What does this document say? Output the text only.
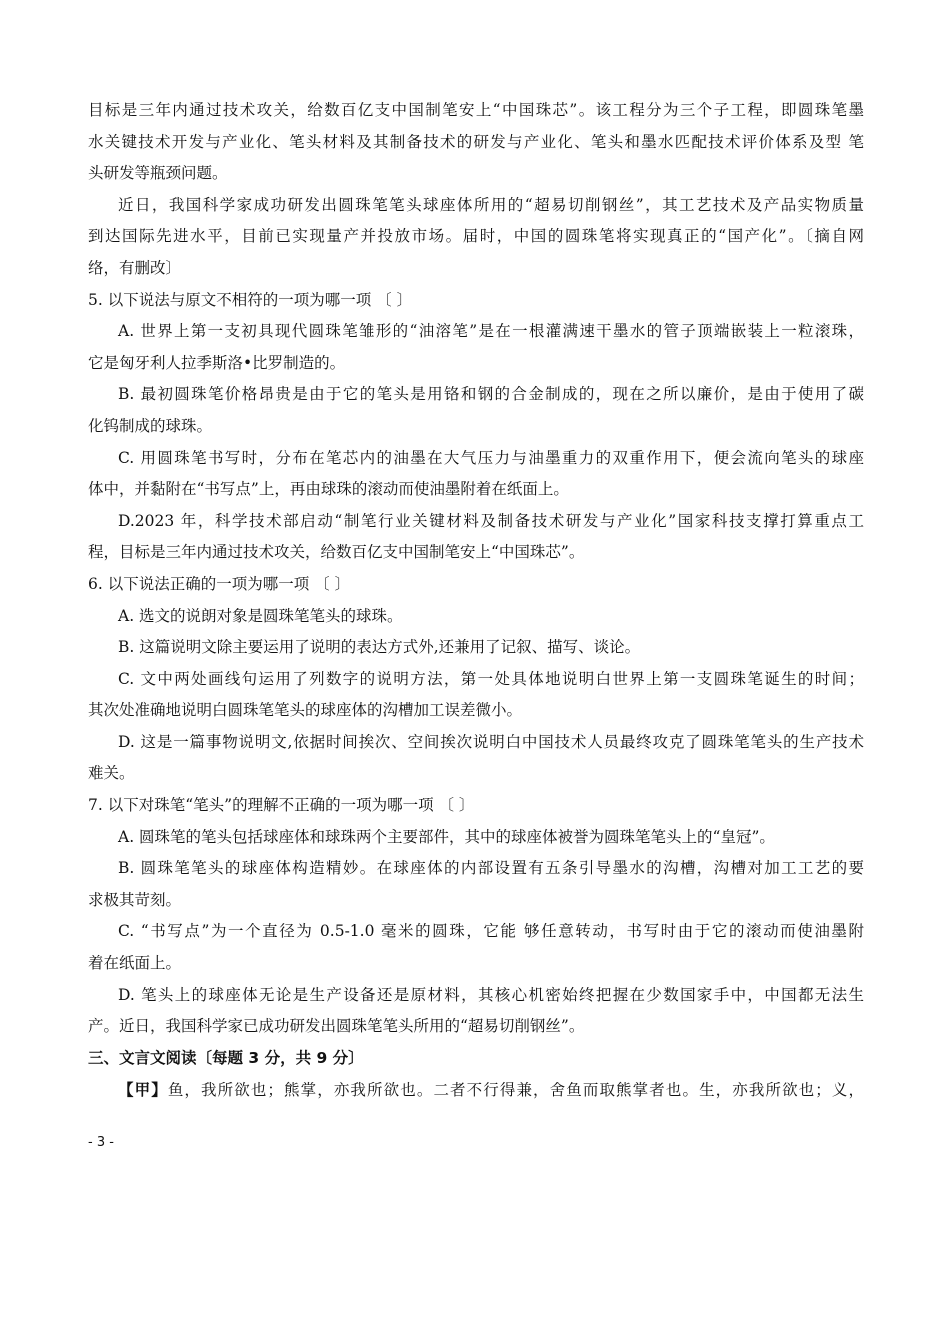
目标是三年内通过技术攻关，给数百亿支中国制笔安上“中国珠芯”。该工程分为三个子工程，即圆珠笔墨
水关键技术开发与产业化、笔头材料及其制备技术的研发与产业化、笔头和墨水匹配技术评价体系及型 笔
头研发等瓶颈问题。
近日，我国科学家成功研发出圆珠笔笔头球座体所用的“超易切削钢丝”，其工艺技术及产品实物质量
到达国际先进水平，目前已实现量产并投放市场。届时，中国的圆珠笔将实现真正的“国产化”。〔摘自网
络，有删改〕
5. 以下说法与原文不相符的一项为哪一项 〔 〕
A. 世界上第一支初具现代圆珠笔雏形的“油溶笔”是在一根灌满速干墨水的管子顶端嵌装上一粒滚珠，
它是匈牙利人拉季斯洛•比罗制造的。
B. 最初圆珠笔价格昂贵是由于它的笔头是用铬和钢的合金制成的，现在之所以廉价，是由于使用了碳
化钨制成的球珠。
C. 用圆珠笔书写时，分布在笔芯内的油墨在大气压力与油墨重力的双重作用下，便会流向笔头的球座
体中，并黏附在“书写点”上，再由球珠的滚动而使油墨附着在纸面上。
D.2023 年，科学技术部启动“制笔行业关键材料及制备技术研发与产业化”国家科技支撑打算重点工
程，目标是三年内通过技术攻关，给数百亿支中国制笔安上“中国珠芯”。
6. 以下说法正确的一项为哪一项 〔 〕
A. 选文的说朗对象是圆珠笔笔头的球珠。
B. 这篇说明文除主要运用了说明的表达方式外,还兼用了记叙、描写、谈论。
C. 文中两处画线句运用了列数字的说明方法，第一处具体地说明白世界上第一支圆珠笔诞生的时间；
其次处准确地说明白圆珠笔笔头的球座体的沟槽加工误差微小。
D. 这是一篇事物说明文,依据时间挨次、空间挨次说明白中国技术人员最终攻克了圆珠笔笔头的生产技术
难关。
7. 以下对珠笔“笔头”的理解不正确的一项为哪一项 〔 〕
A. 圆珠笔的笔头包括球座体和球珠两个主要部件，其中的球座体被誉为圆珠笔笔头上的“皇冠”。
B. 圆珠笔笔头的球座体构造精妙。在球座体的内部设置有五条引导墨水的沟槽，沟槽对加工工艺的要
求极其苛刻。
C. “书写点”为一个直径为 0.5-1.0 毫米的圆珠，它能 够任意转动，书写时由于它的滚动而使油墨附
着在纸面上。
D. 笔头上的球座体无论是生产设备还是原材料，其核心机密始终把握在少数国家手中，中国都无法生
产。近日，我国科学家已成功研发出圆珠笔笔头所用的“超易切削钢丝”。
三、文言文阅读〔每题 3 分，共 9 分〕
【甲】鱼，我所欲也；熊掌，亦我所欲也。二者不行得兼，舍鱼而取熊掌者也。生，亦我所欲也；义，
- 3 -
